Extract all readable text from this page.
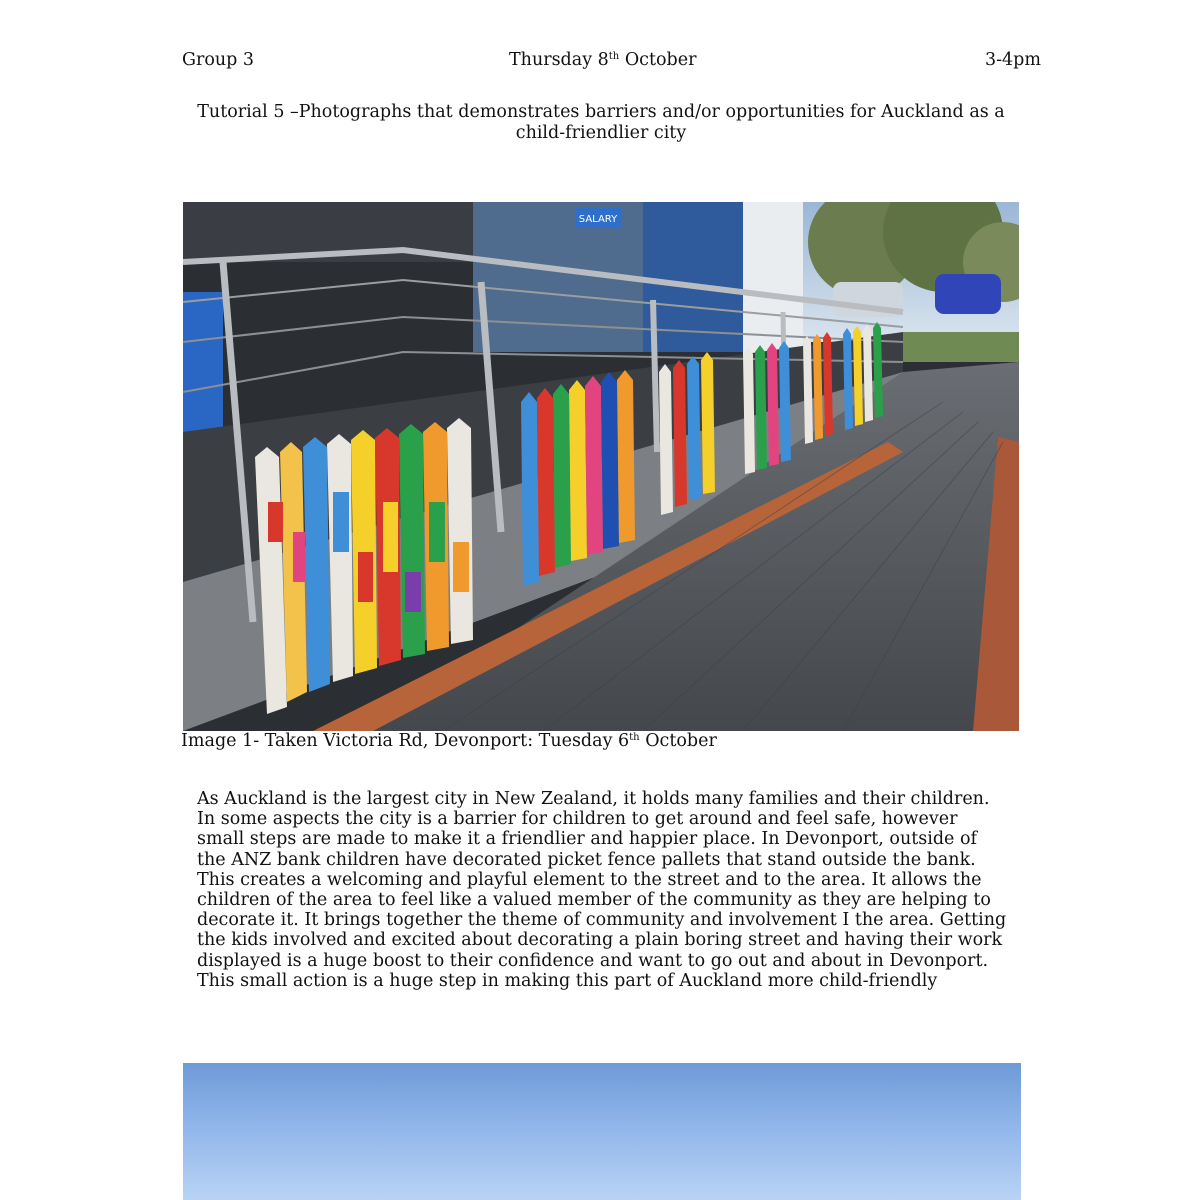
Group 3	Thursday 8th October	3-4pm
Tutorial 5 –Photographs that demonstrates barriers and/or opportunities for Auckland as a child-friendlier city
SALARY
Image 1- Taken Victoria Rd, Devonport: Tuesday 6th October

As Auckland is the largest city in New Zealand, it holds many families and their children. In some aspects the city is a barrier for children to get around and feel safe, however small steps are made to make it a friendlier and happier place. In Devonport, outside of the ANZ bank children have decorated picket fence pallets that stand outside the bank. This creates a welcoming and playful element to the street and to the area. It allows the children of the area to feel like a valued member of the community as they are helping to decorate it. It brings together the theme of community and involvement I the area. Getting the kids involved and excited about decorating a plain boring street and having their work displayed is a huge boost to their confidence and want to go out and about in Devonport. This small action is a huge step in making this part of Auckland more child-friendly
